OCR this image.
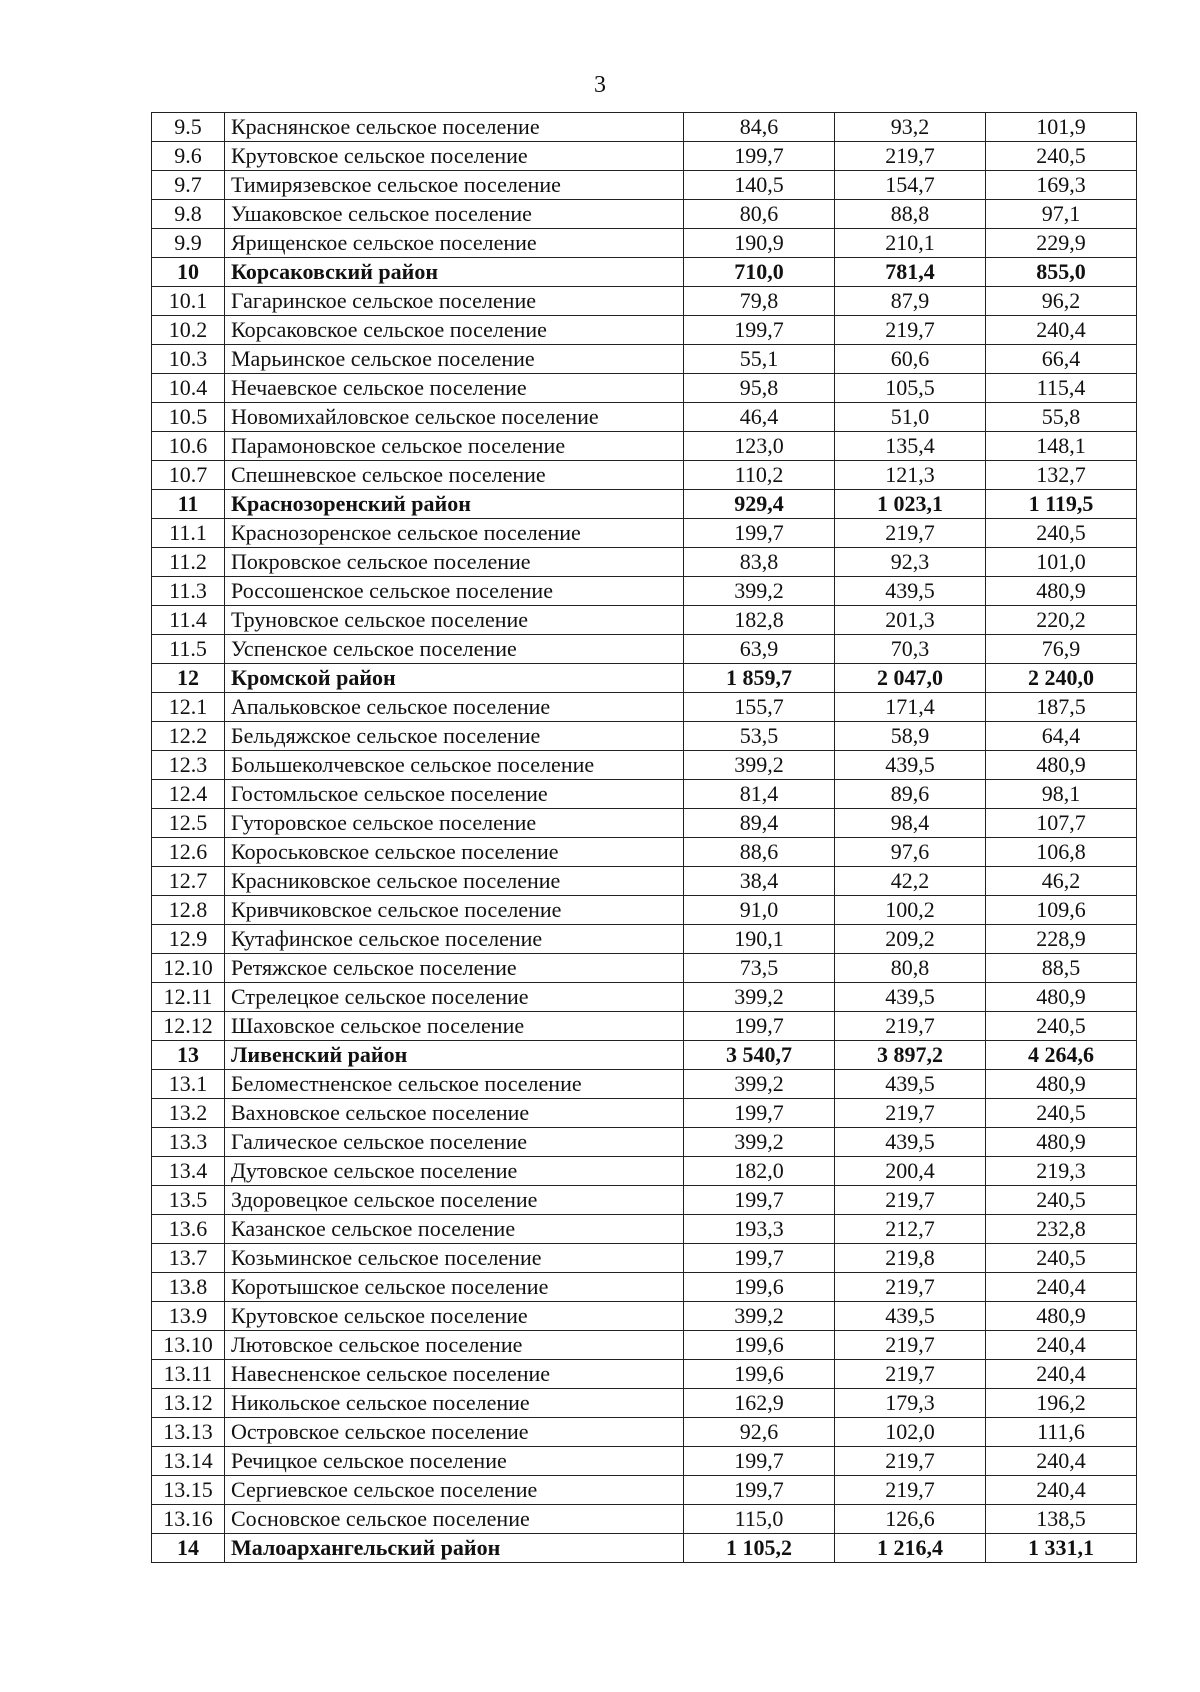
3
9.5	Краснянское сельское поселение	84,6	93,2	101,9
9.6	Крутовское сельское поселение	199,7	219,7	240,5
9.7	Тимирязевское сельское поселение	140,5	154,7	169,3
9.8	Ушаковское сельское поселение	80,6	88,8	97,1
9.9	Ярищенское сельское поселение	190,9	210,1	229,9
10	Корсаковский район	710,0	781,4	855,0
10.1	Гагаринское сельское поселение	79,8	87,9	96,2
10.2	Корсаковское сельское поселение	199,7	219,7	240,4
10.3	Марьинское сельское поселение	55,1	60,6	66,4
10.4	Нечаевское сельское поселение	95,8	105,5	115,4
10.5	Новомихайловское сельское поселение	46,4	51,0	55,8
10.6	Парамоновское сельское поселение	123,0	135,4	148,1
10.7	Спешневское сельское поселение	110,2	121,3	132,7
11	Краснозоренский район	929,4	1 023,1	1 119,5
11.1	Краснозоренское сельское поселение	199,7	219,7	240,5
11.2	Покровское сельское поселение	83,8	92,3	101,0
11.3	Россошенское сельское поселение	399,2	439,5	480,9
11.4	Труновское сельское поселение	182,8	201,3	220,2
11.5	Успенское сельское поселение	63,9	70,3	76,9
12	Кромской район	1 859,7	2 047,0	2 240,0
12.1	Апальковское сельское поселение	155,7	171,4	187,5
12.2	Бельдяжское сельское поселение	53,5	58,9	64,4
12.3	Большеколчевское сельское поселение	399,2	439,5	480,9
12.4	Гостомльское сельское поселение	81,4	89,6	98,1
12.5	Гуторовское сельское поселение	89,4	98,4	107,7
12.6	Короськовское сельское поселение	88,6	97,6	106,8
12.7	Красниковское сельское поселение	38,4	42,2	46,2
12.8	Кривчиковское сельское поселение	91,0	100,2	109,6
12.9	Кутафинское сельское поселение	190,1	209,2	228,9
12.10	Ретяжское сельское поселение	73,5	80,8	88,5
12.11	Стрелецкое сельское поселение	399,2	439,5	480,9
12.12	Шаховское сельское поселение	199,7	219,7	240,5
13	Ливенский район	3 540,7	3 897,2	4 264,6
13.1	Беломестненское сельское поселение	399,2	439,5	480,9
13.2	Вахновское сельское поселение	199,7	219,7	240,5
13.3	Галическое сельское поселение	399,2	439,5	480,9
13.4	Дутовское сельское поселение	182,0	200,4	219,3
13.5	Здоровецкое сельское поселение	199,7	219,7	240,5
13.6	Казанское сельское поселение	193,3	212,7	232,8
13.7	Козьминское сельское поселение	199,7	219,8	240,5
13.8	Коротышское сельское поселение	199,6	219,7	240,4
13.9	Крутовское сельское поселение	399,2	439,5	480,9
13.10	Лютовское сельское поселение	199,6	219,7	240,4
13.11	Навесненское сельское поселение	199,6	219,7	240,4
13.12	Никольское сельское поселение	162,9	179,3	196,2
13.13	Островское сельское поселение	92,6	102,0	111,6
13.14	Речицкое сельское поселение	199,7	219,7	240,4
13.15	Сергиевское сельское поселение	199,7	219,7	240,4
13.16	Сосновское сельское поселение	115,0	126,6	138,5
14	Малоархангельский район	1 105,2	1 216,4	1 331,1
